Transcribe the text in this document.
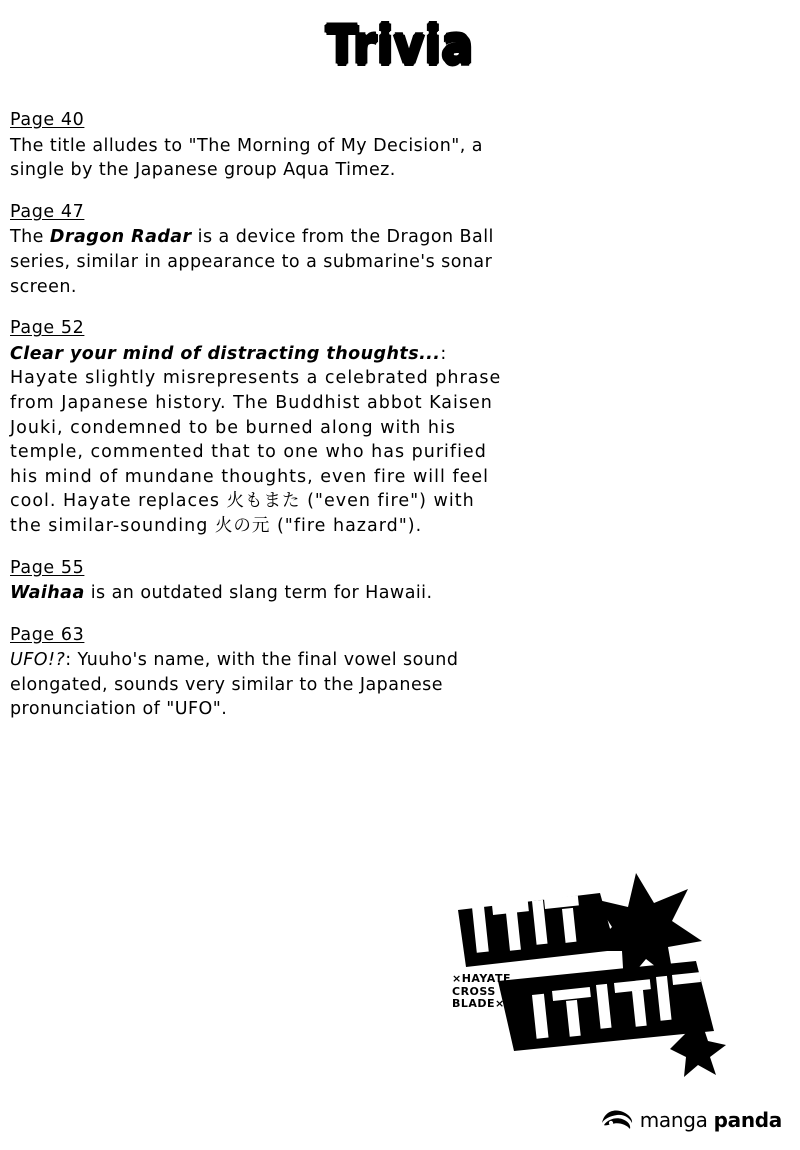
Trivia
Page 40
The title alludes to "The Morning of My Decision", a single by the Japanese group Aqua Timez.
Page 47
The Dragon Radar is a device from the Dragon Ball series, similar in appearance to a submarine's sonar screen.
Page 52
Clear your mind of distracting thoughts...: Hayate slightly misrepresents a celebrated phrase from Japanese history. The Buddhist abbot Kaisen Jouki, condemned to be burned along with his temple, commented that to one who has purified his mind of mundane thoughts, even fire will feel cool. Hayate replaces 火もまた ("even fire") with the similar-sounding 火の元 ("fire hazard").
Page 55
Waihaa is an outdated slang term for Hawaii.
Page 63
UFO!?: Yuuho's name, with the final vowel sound elongated, sounds very similar to the Japanese pronunciation of "UFO".
×HAYATE
CROSS
BLADE×
manga panda
